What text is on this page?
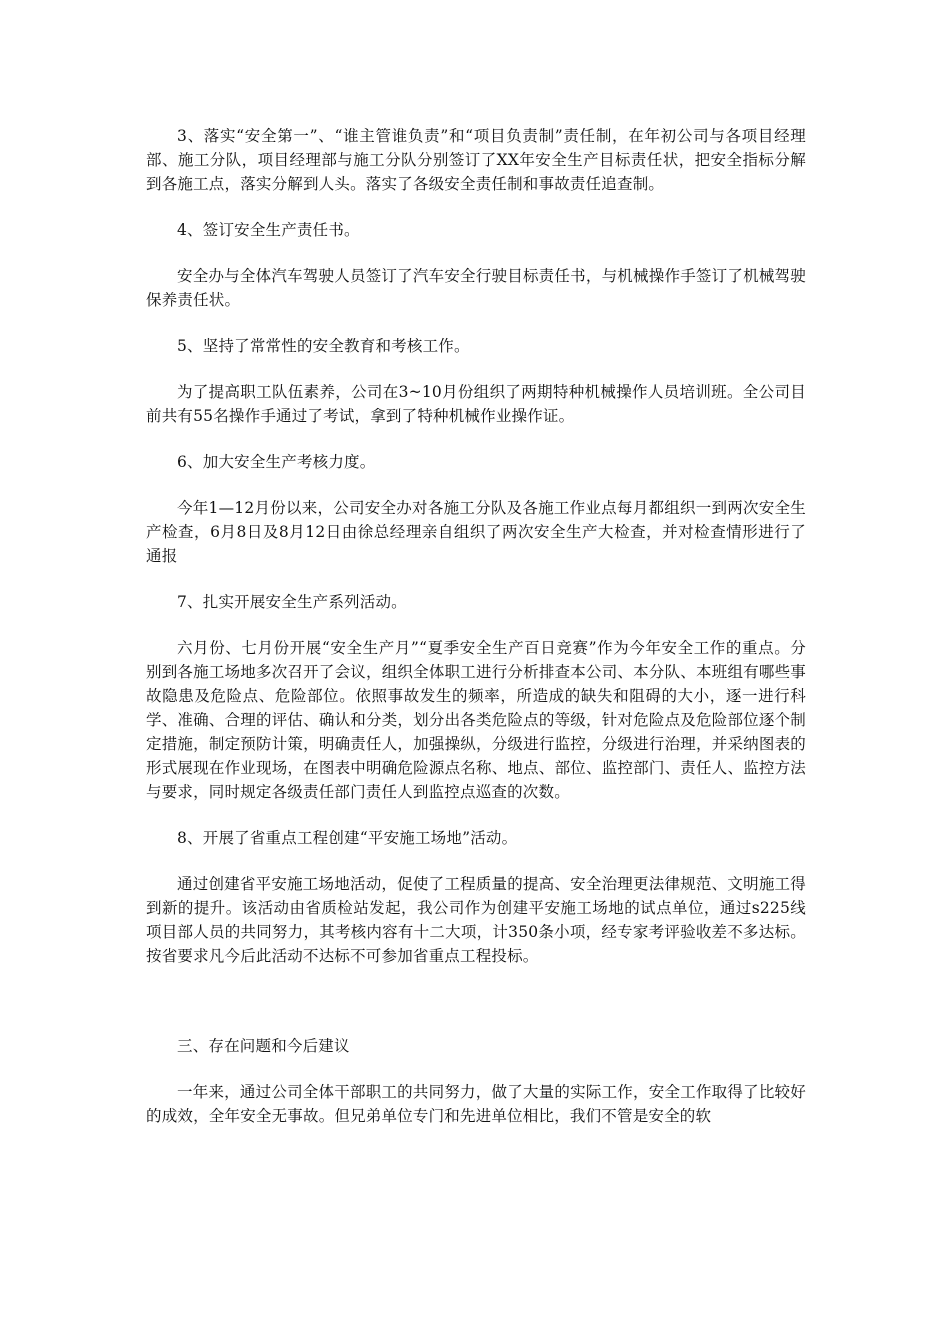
3、落实“安全第一”、“谁主管谁负责”和“项目负责制”责任制，在年初公司与各项目经理部、施工分队，项目经理部与施工分队分别签订了XX年安全生产目标责任状，把安全指标分解到各施工点，落实分解到人头。落实了各级安全责任制和事故责任追查制。

4、签订安全生产责任书。

安全办与全体汽车驾驶人员签订了汽车安全行驶目标责任书，与机械操作手签订了机械驾驶保养责任状。

5、坚持了常常性的安全教育和考核工作。

为了提高职工队伍素养，公司在3~10月份组织了两期特种机械操作人员培训班。全公司目前共有55名操作手通过了考试，拿到了特种机械作业操作证。

6、加大安全生产考核力度。

今年1—12月份以来，公司安全办对各施工分队及各施工作业点每月都组织一到两次安全生产检查，6月8日及8月12日由徐总经理亲自组织了两次安全生产大检查，并对检查情形进行了通报

7、扎实开展安全生产系列活动。

六月份、七月份开展“安全生产月”“夏季安全生产百日竞赛”作为今年安全工作的重点。分别到各施工场地多次召开了会议，组织全体职工进行分析排查本公司、本分队、本班组有哪些事故隐患及危险点、危险部位。依照事故发生的频率，所造成的缺失和阻碍的大小，逐一进行科学、准确、合理的评估、确认和分类，划分出各类危险点的等级，针对危险点及危险部位逐个制定措施，制定预防计策，明确责任人，加强操纵，分级进行监控，分级进行治理，并采纳图表的形式展现在作业现场，在图表中明确危险源点名称、地点、部位、监控部门、责任人、监控方法与要求，同时规定各级责任部门责任人到监控点巡查的次数。

8、开展了省重点工程创建“平安施工场地”活动。

通过创建省平安施工场地活动，促使了工程质量的提高、安全治理更法律规范、文明施工得到新的提升。该活动由省质检站发起，我公司作为创建平安施工场地的试点单位，通过s225线项目部人员的共同努力，其考核内容有十二大项，计350条小项，经专家考评验收差不多达标。按省要求凡今后此活动不达标不可参加省重点工程投标。

三、存在问题和今后建议

一年来，通过公司全体干部职工的共同努力，做了大量的实际工作，安全工作取得了比较好的成效，全年安全无事故。但兄弟单位专门和先进单位相比，我们不管是安全的软
